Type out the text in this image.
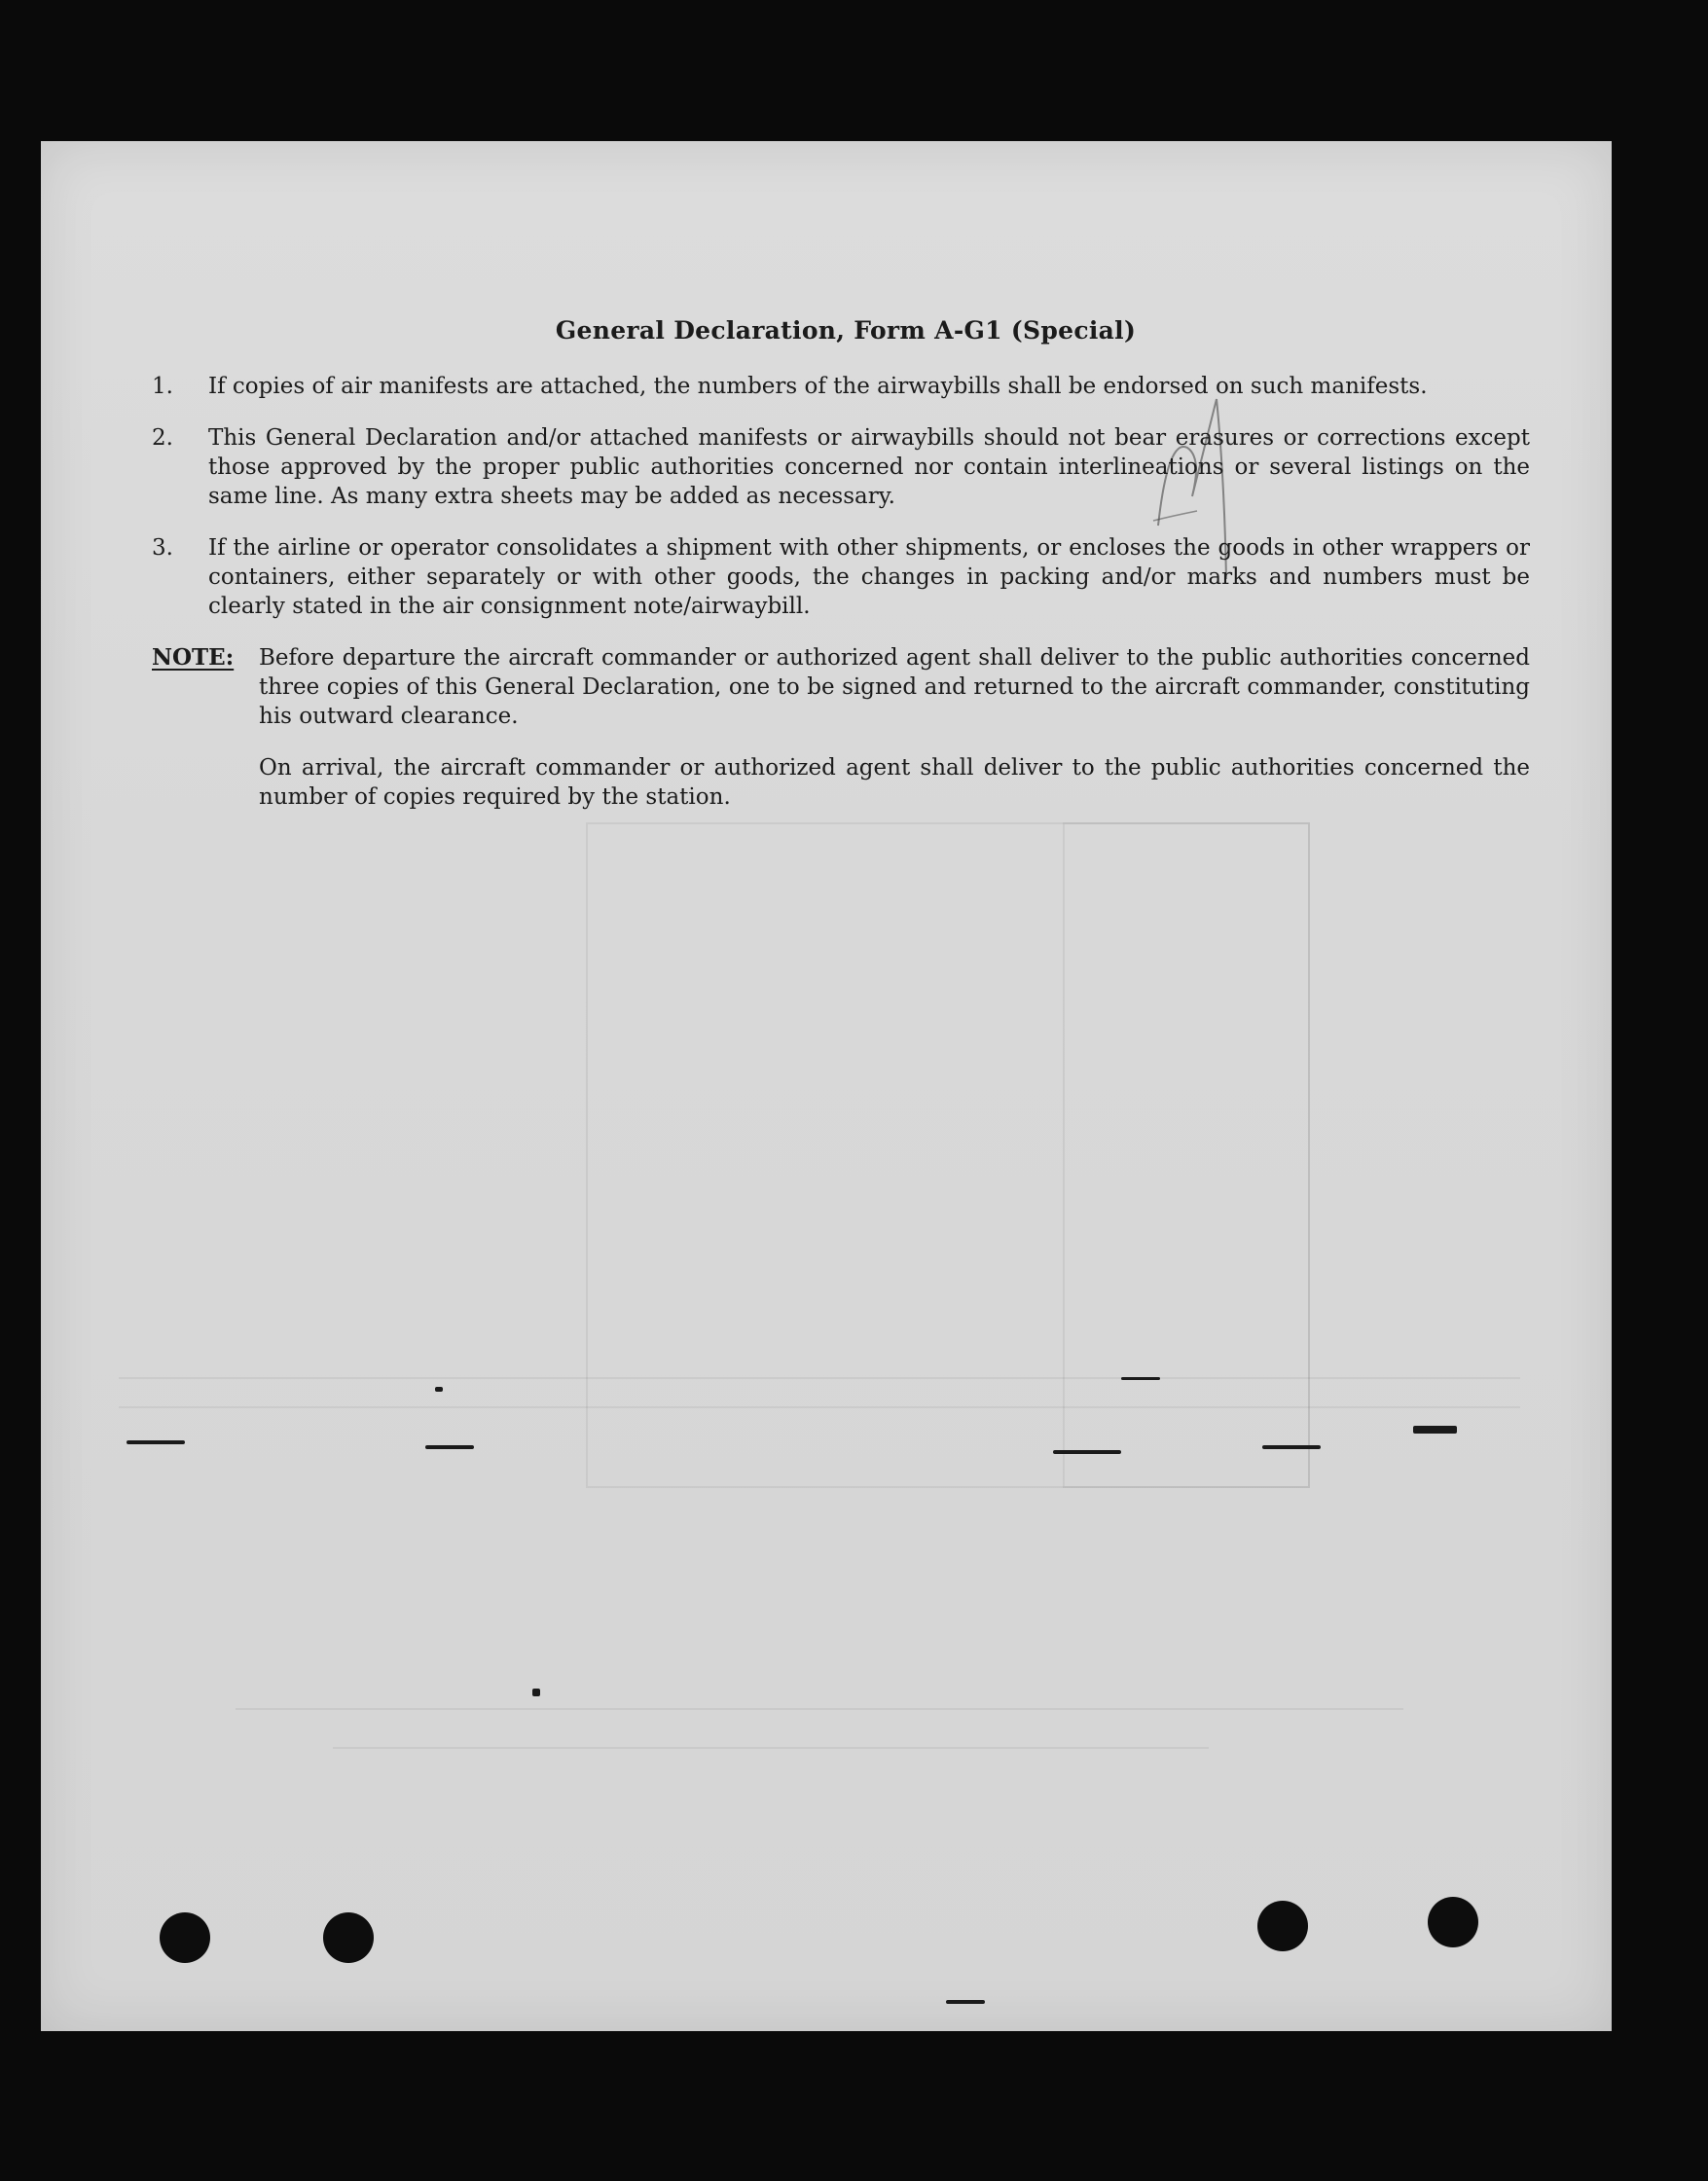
General Declaration, Form A-G1 (Special)
1.	If copies of air manifests are attached, the numbers of the airwaybills shall be endorsed on such manifests.
2.	This General Declaration and/or attached manifests or airwaybills should not bear erasures or corrections except those approved by the proper public authorities concerned nor contain interlineations or several listings on the same line. As many extra sheets may be added as necessary.
3.	If the airline or operator consolidates a shipment with other shipments, or encloses the goods in other wrappers or containers, either separately or with other goods, the changes in packing and/or marks and numbers must be clearly stated in the air consignment note/airwaybill.
NOTE: Before departure the aircraft commander or authorized agent shall deliver to the public authorities concerned three copies of this General Declaration, one to be signed and returned to the aircraft commander, constituting his outward clearance.

On arrival, the aircraft commander or authorized agent shall deliver to the public authorities concerned the number of copies required by the station.
